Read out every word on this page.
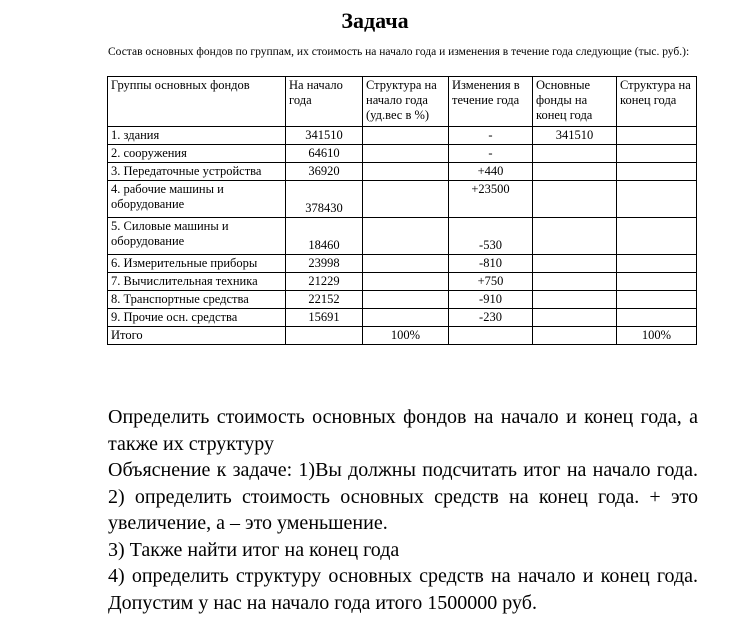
Задача
Состав основных фондов по группам, их стоимость на начало года и изменения в течение года следующие (тыс. руб.):
Группы основных фондов	На начало года	Структура на начало года (уд.вес в %)	Изменения в течение года	Основные фонды на конец года	Структура на конец года
1. здания	341510		-	341510	
2. сооружения	64610		-		
3. Передаточные устройства	36920		+440		
4. рабочие машины и оборудование	378430		+23500		
5. Силовые машины и оборудование	18460		-530		
6. Измерительные приборы	23998		-810		
7. Вычислительная техника	21229		+750		
8. Транспортные средства	22152		-910		
9. Прочие осн. средства	15691		-230		
Итого		100%			100%

Определить стоимость основных фондов на начало и конец года, а также их структуру

Объяснение к задаче: 1)Вы должны подсчитать итог на начало года. 2) определить стоимость основных средств на конец года. + это увеличение, а – это уменьшение.

3) Также найти итог на конец года

4) определить структуру основных средств на начало и конец года. Допустим у нас на начало года итого 1500000 руб.
